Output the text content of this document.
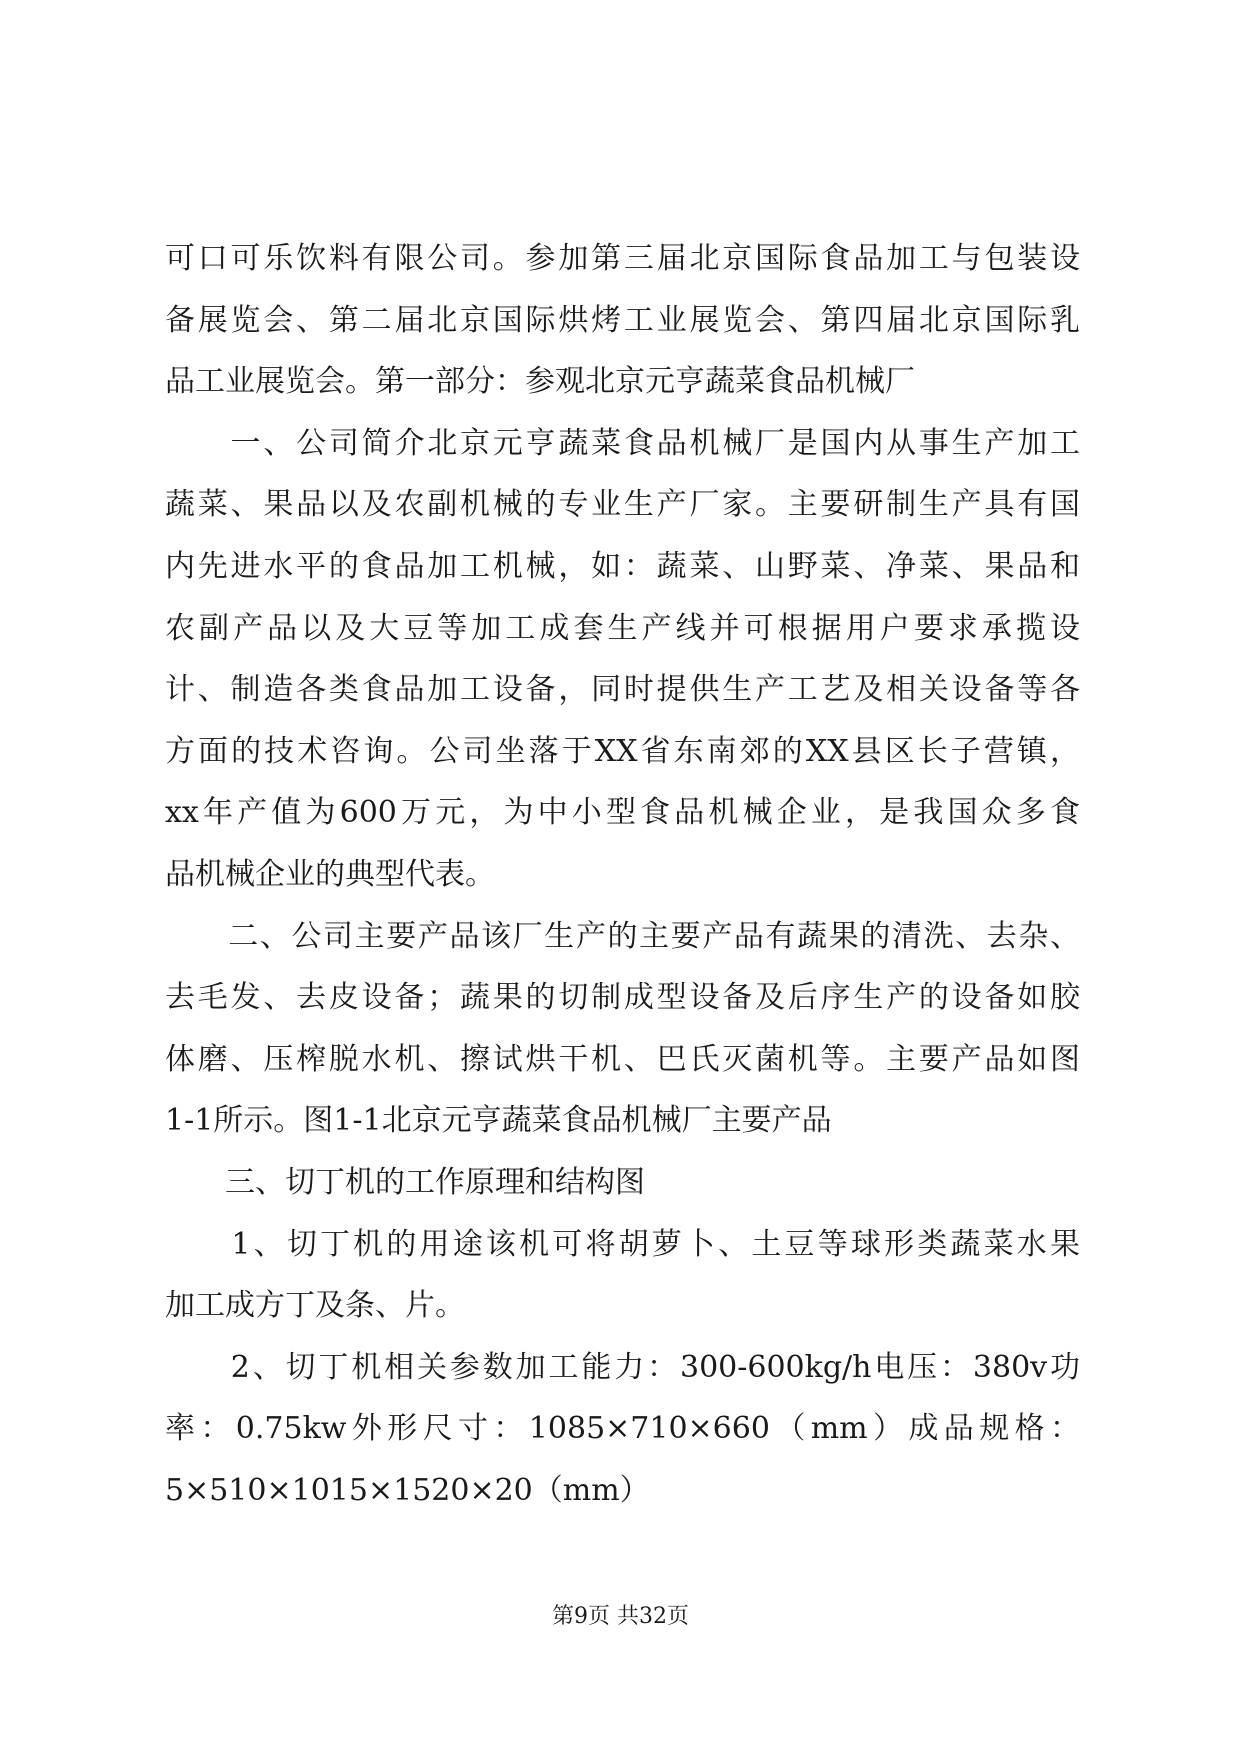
可口可乐饮料有限公司。参加第三届北京国际食品加工与包装设
备展览会、第二届北京国际烘烤工业展览会、第四届北京国际乳
品工业展览会。第一部分：参观北京元亨蔬菜食品机械厂
　　一、公司简介北京元亨蔬菜食品机械厂是国内从事生产加工
蔬菜、果品以及农副机械的专业生产厂家。主要研制生产具有国
内先进水平的食品加工机械，如：蔬菜、山野菜、净菜、果品和
农副产品以及大豆等加工成套生产线并可根据用户要求承揽设
计、制造各类食品加工设备，同时提供生产工艺及相关设备等各
方面的技术咨询。公司坐落于XX省东南郊的XX县区长子营镇，
xx年产值为600万元，为中小型食品机械企业，是我国众多食
品机械企业的典型代表。
　　二、公司主要产品该厂生产的主要产品有蔬果的清洗、去杂、
去毛发、去皮设备；蔬果的切制成型设备及后序生产的设备如胶
体磨、压榨脱水机、擦试烘干机、巴氏灭菌机等。主要产品如图
1-1所示。图1-1北京元亨蔬菜食品机械厂主要产品
　　三、切丁机的工作原理和结构图
　　1、切丁机的用途该机可将胡萝卜、土豆等球形类蔬菜水果
加工成方丁及条、片。
　　2、切丁机相关参数加工能力：300-600kg/h电压：380v功
率：0.75kw外形尺寸：1085×710×660（mm）成品规格：
5×510×1015×1520×20（mm）
第9页 共32页
